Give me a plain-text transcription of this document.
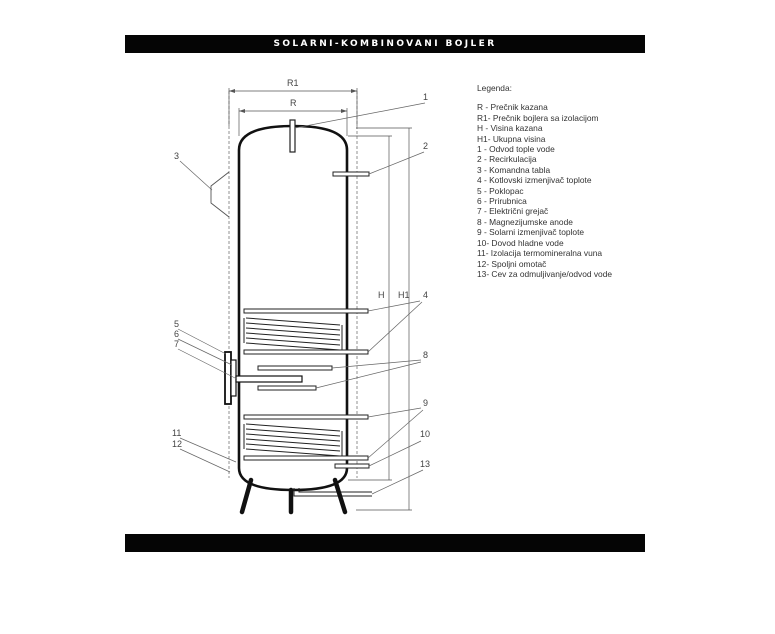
SOLARNI-KOMBINOVANI BOJLER
R1
R
H H1
1
2
3
4
5
6
7
8
9
10
11
12
13
Legenda:
R - Prečnik kazana
R1- Prečnik bojlera sa izolacijom
H - Visina kazana
H1- Ukupna visina
1 - Odvod tople vode
2 - Recirkulacija
3 - Komandna tabla
4 - Kotlovski izmenjivač toplote
5 - Poklopac
6 - Prirubnica
7 - Električni grejač
8 - Magnezijumske anode
9 - Solarni izmenjivač toplote
10- Dovod hladne vode
11- Izolacija termomineralna vuna
12- Spoljni omotač
13- Cev za odmuljivanje/odvod vode
